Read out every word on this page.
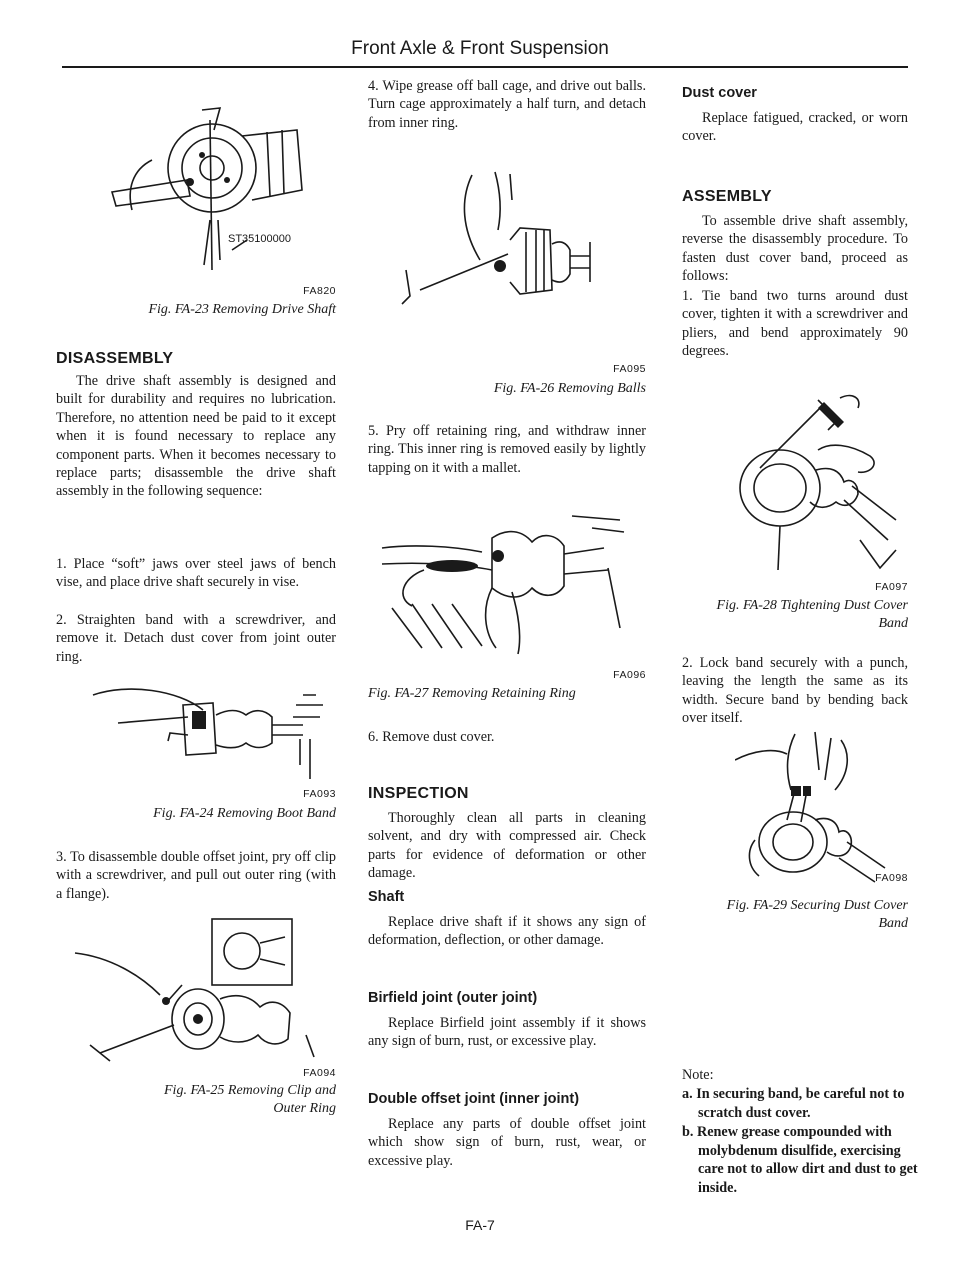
Front Axle & Front Suspension
ST35100000
FA820
Fig. FA-23 Removing Drive Shaft
DISASSEMBLY

The drive shaft assembly is designed and built for durability and requires no lubrication. Therefore, no attention need be paid to it except when it is found necessary to replace any component parts. When it becomes necessary to replace parts; disassemble the drive shaft assembly in the following sequence:

1. Place “soft” jaws over steel jaws of bench vise, and place drive shaft securely in vise.

2. Straighten band with a screwdriver, and remove it. Detach dust cover from joint outer ring.

FA093
Fig. FA-24 Removing Boot Band

3. To disassemble double offset joint, pry off clip with a screwdriver, and pull out outer ring (with a flange).

FA094
Fig. FA-25 Removing Clip and
Outer Ring

4. Wipe grease off ball cage, and drive out balls. Turn cage approximately a half turn, and detach from inner ring.

FA095
Fig. FA-26 Removing Balls

5. Pry off retaining ring, and withdraw inner ring. This inner ring is removed easily by lightly tapping on it with a mallet.

FA096
Fig. FA-27 Removing Retaining Ring

6. Remove dust cover.

INSPECTION

Thoroughly clean all parts in cleaning solvent, and dry with compressed air. Check parts for evidence of deformation or other damage.

Shaft

Replace drive shaft if it shows any sign of deformation, deflection, or other damage.

Birfield joint (outer joint)

Replace Birfield joint assembly if it shows any sign of burn, rust, or excessive play.

Double offset joint (inner joint)

Replace any parts of double offset joint which show sign of burn, rust, wear, or excessive play.

Dust cover

Replace fatigued, cracked, or worn cover.

ASSEMBLY

To assemble drive shaft assembly, reverse the disassembly procedure. To fasten dust cover band, proceed as follows:

1. Tie band two turns around dust cover, tighten it with a screwdriver and pliers, and bend approximately 90 degrees.

FA097
Fig. FA-28 Tightening Dust Cover
Band

2. Lock band securely with a punch, leaving the length the same as its width. Secure band by bending back over itself.

FA098
Fig. FA-29 Securing Dust Cover
Band
Note:

a. In securing band, be careful not to scratch dust cover.

b. Renew grease compounded with molybdenum disulfide, exercising care not to allow dirt and dust to get inside.

FA-7
